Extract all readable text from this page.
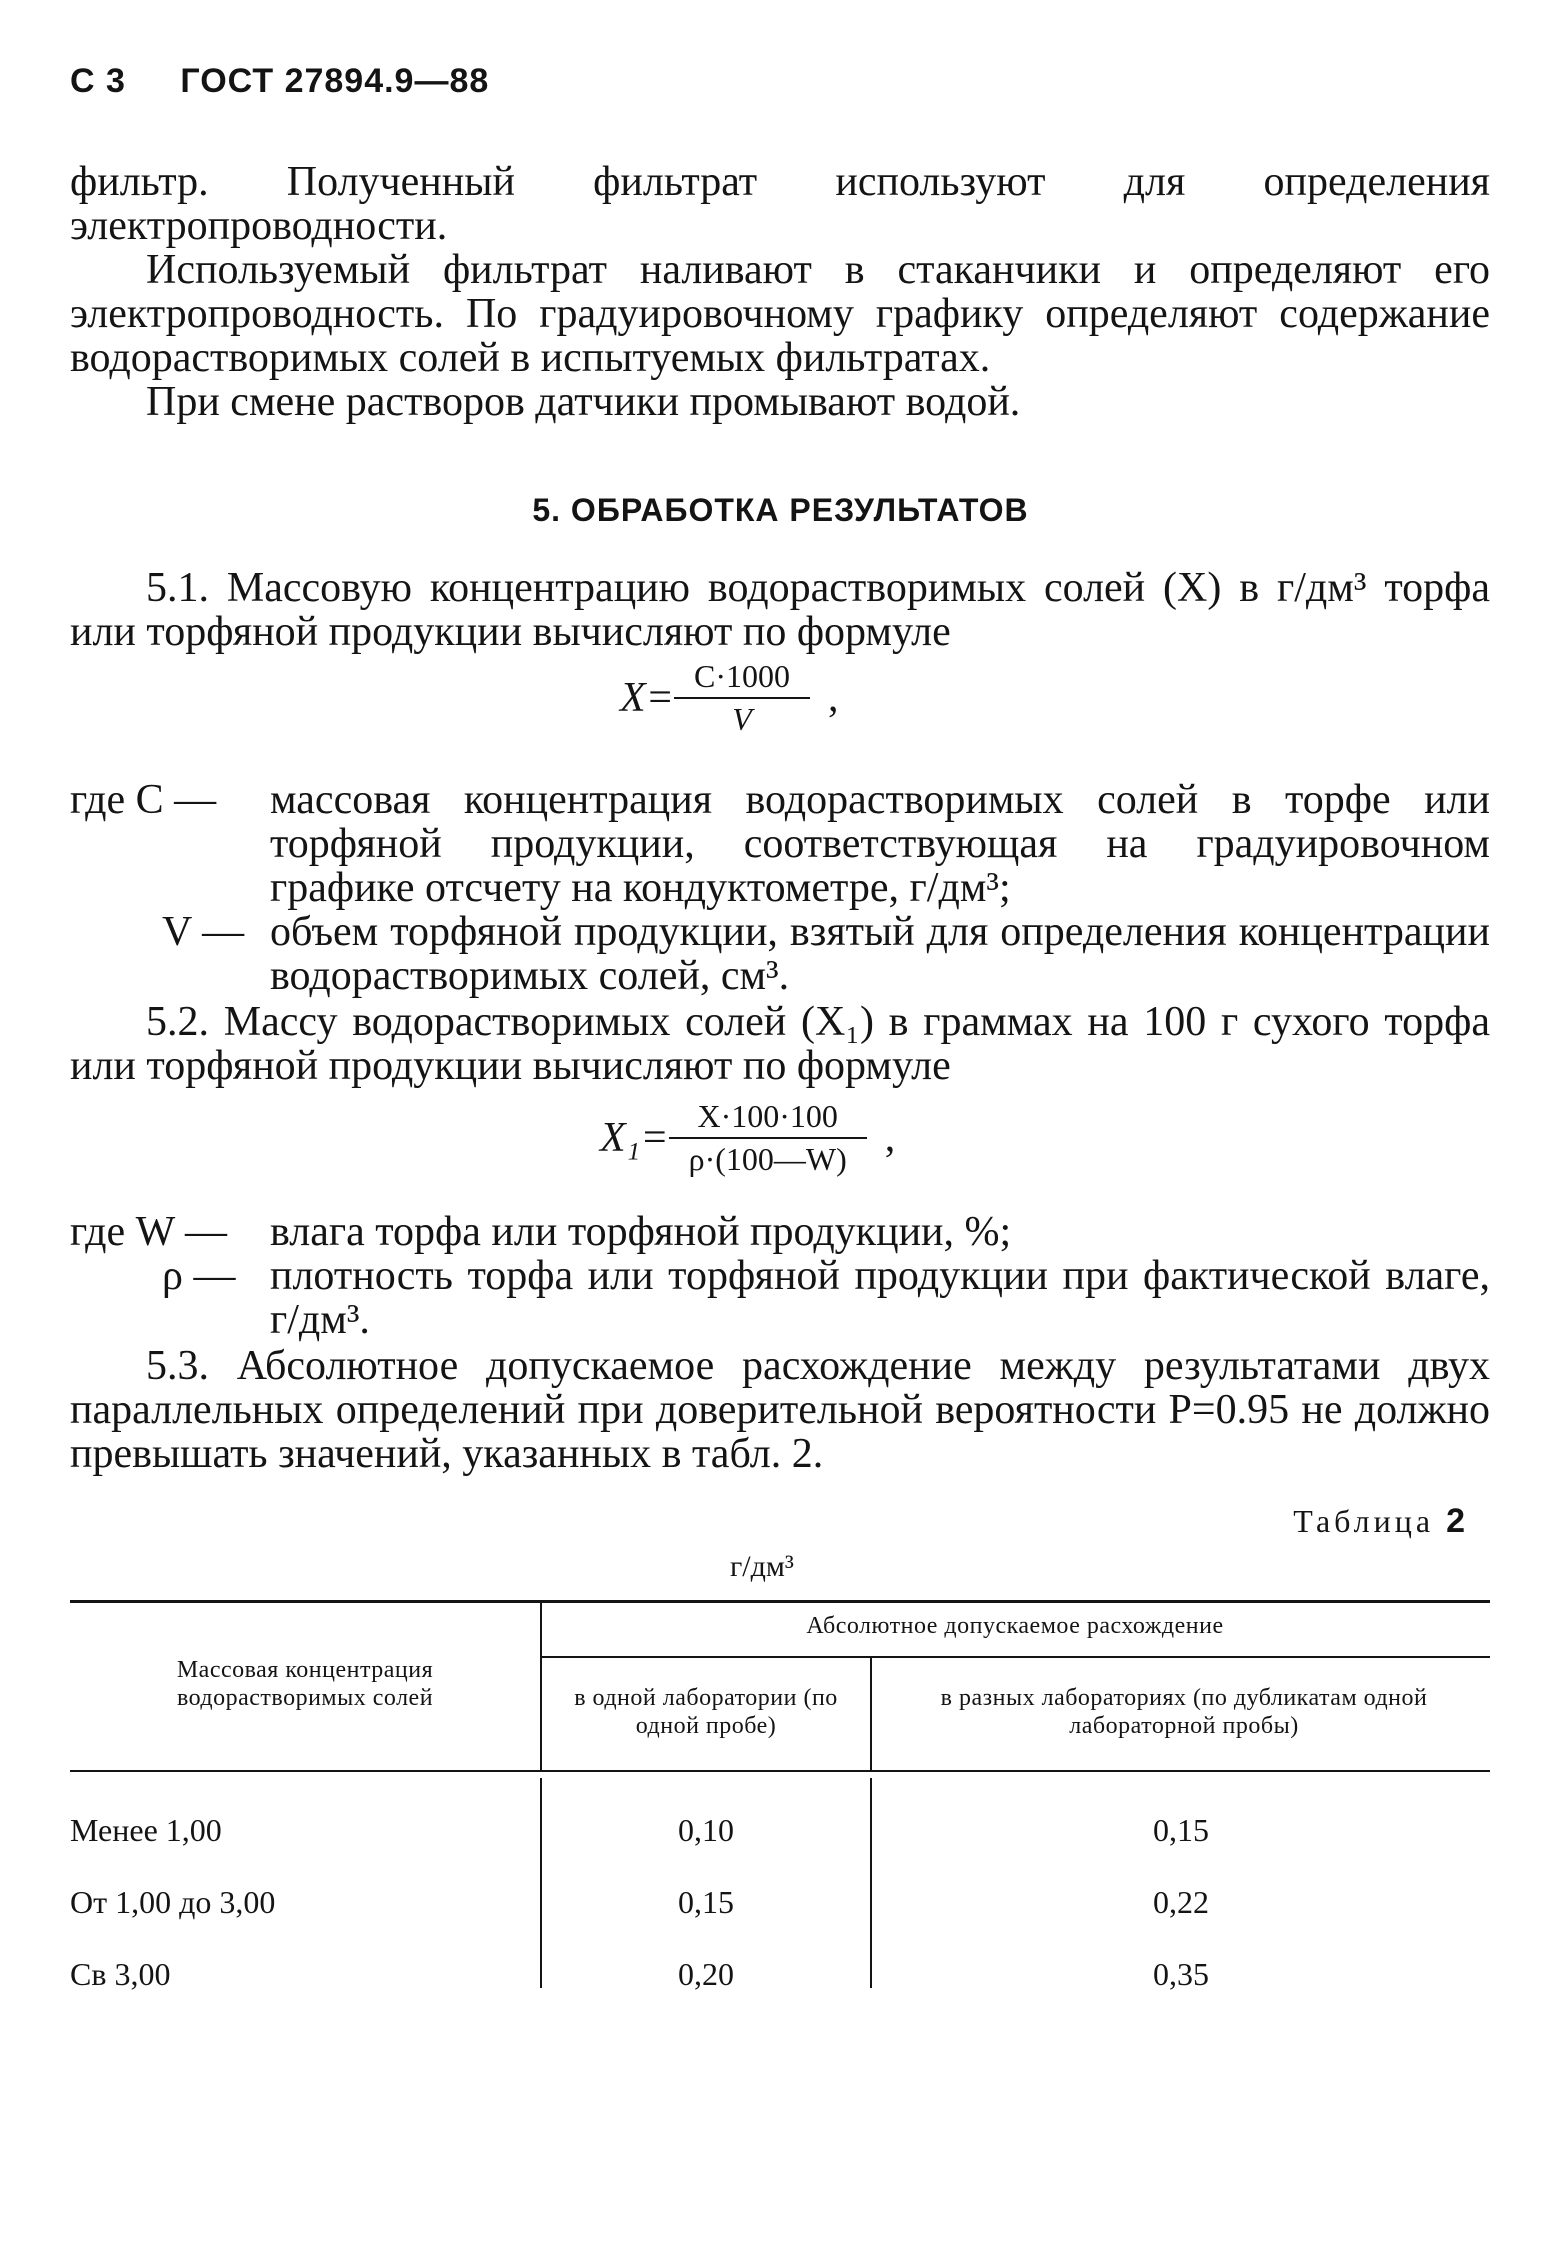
С 3 ГОСТ 27894.9—88

фильтр. Полученный фильтрат используют для определения электропроводности.

Используемый фильтрат наливают в стаканчики и определяют его электропроводность. По градуировочному графику определяют содержание водорастворимых солей в испытуемых фильтратах.

При смене растворов датчики промывают водой.

5. ОБРАБОТКА РЕЗУЛЬТАТОВ

5.1. Массовую концентрацию водорастворимых солей (X) в г/дм³ торфа или торфяной продукции вычисляют по формуле

$X= \frac{C\cdot 1000}{V}$ ,
где C — массовая концентрация водорастворимых солей в торфе или торфяной продукции, соответствующая на градуировочном графике отсчету на кондуктометре, г/дм³;
V — объем торфяной продукции, взятый для определения концентрации водорастворимых солей, см³.

5.2. Массу водорастворимых солей (X₁) в граммах на 100 г сухого торфа или торфяной продукции вычисляют по формуле

$X_1= \frac{X\cdot 100\cdot 100}{\rho\cdot(100—W)}$ ,
где W — влага торфа или торфяной продукции, %;
ρ — плотность торфа или торфяной продукции при фактической влаге, г/дм³.

5.3. Абсолютное допускаемое расхождение между результатами двух параллельных определений при доверительной вероятности P=0.95 не должно превышать значений, указанных в табл. 2.

Таблица 2
г/дм³
Массовая концентрация водорастворимых солей
Абсолютное допускаемое расхождение
в одной лаборатории (по одной пробе)
в разных лабораториях (по дубликатам одной лабораторной пробы)
Менее 1,00	0,10	0,15
От 1,00 до 3,00	0,15	0,22
Св 3,00	0,20	0,35
